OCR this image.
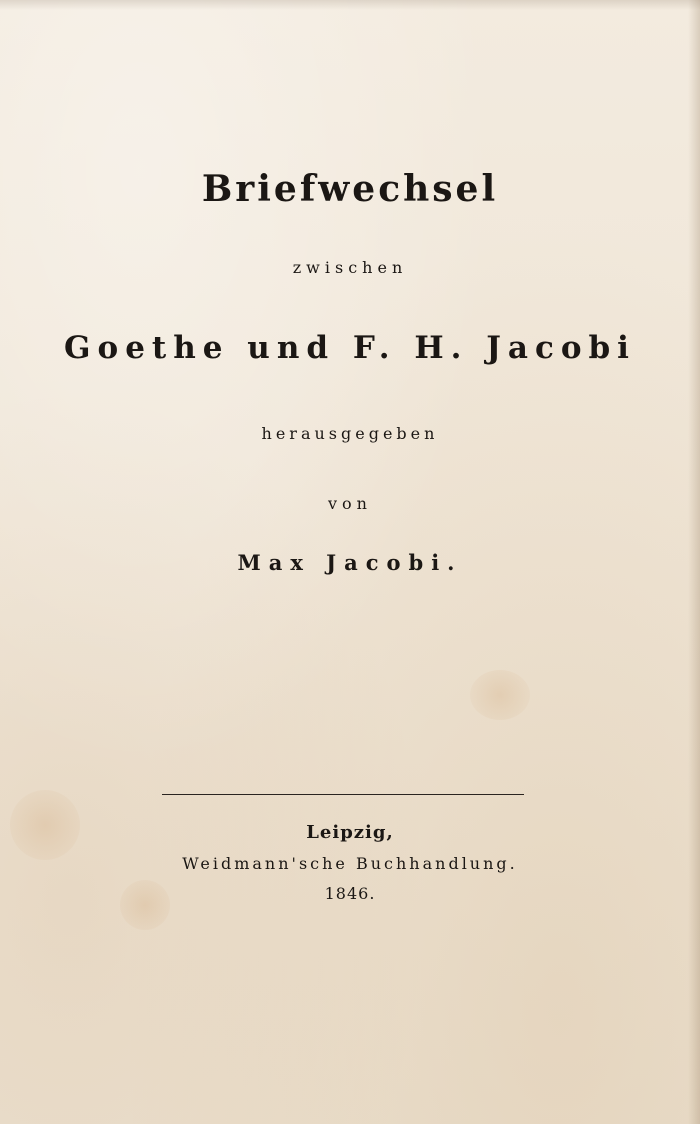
Briefwechsel
zwischen
Goethe und F. H. Jacobi
herausgegeben
von
Max Jacobi.
Leipzig,
Weidmann'sche Buchhandlung.
1846.
